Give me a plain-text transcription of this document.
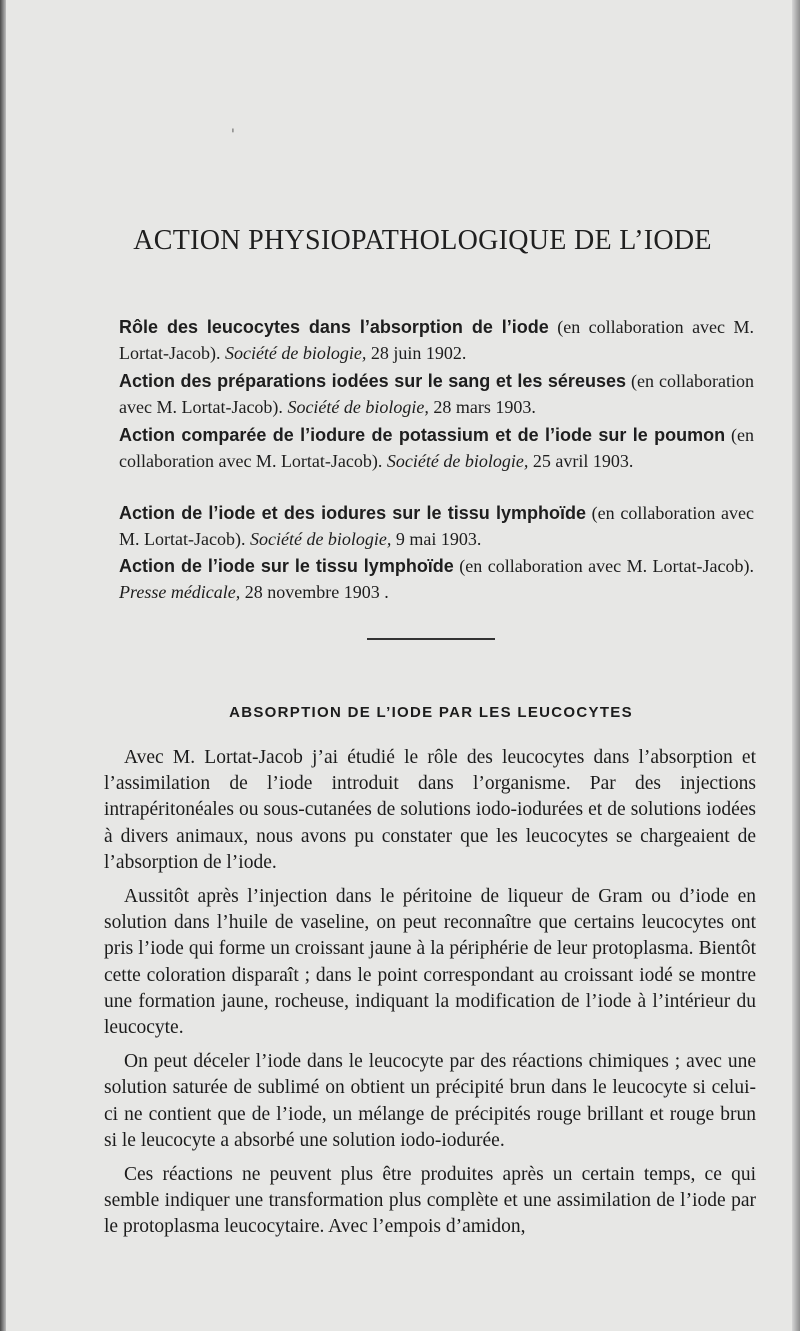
'
ACTION PHYSIOPATHOLOGIQUE DE L’IODE
Rôle des leucocytes dans l’absorption de l’iode (en collaboration avec M. Lortat-Jacob). Société de biologie, 28 juin 1902.
Action des préparations iodées sur le sang et les séreuses (en collaboration avec M. Lortat-Jacob). Société de biologie, 28 mars 1903.
Action comparée de l’iodure de potassium et de l’iode sur le poumon (en collaboration avec M. Lortat-Jacob). Société de biologie, 25 avril 1903.
Action de l’iode et des iodures sur le tissu lymphoïde (en collaboration avec M. Lortat-Jacob). Société de biologie, 9 mai 1903.
Action de l’iode sur le tissu lymphoïde (en collaboration avec M. Lortat-Jacob). Presse médicale, 28 novembre 1903 .
ABSORPTION DE L’IODE PAR LES LEUCOCYTES

Avec M. Lortat-Jacob j’ai étudié le rôle des leucocytes dans l’absorption et l’assimilation de l’iode introduit dans l’organisme. Par des injections intrapéritonéales ou sous-cutanées de solutions iodo-iodurées et de solutions iodées à divers animaux, nous avons pu constater que les leucocytes se chargeaient de l’absorption de l’iode.

Aussitôt après l’injection dans le péritoine de liqueur de Gram ou d’iode en solution dans l’huile de vaseline, on peut reconnaître que certains leucocytes ont pris l’iode qui forme un croissant jaune à la périphérie de leur protoplasma. Bientôt cette coloration disparaît ; dans le point correspondant au croissant iodé se montre une formation jaune, rocheuse, indiquant la modification de l’iode à l’intérieur du leucocyte.

On peut déceler l’iode dans le leucocyte par des réactions chimiques ; avec une solution saturée de sublimé on obtient un précipité brun dans le leucocyte si celui-ci ne contient que de l’iode, un mélange de précipités rouge brillant et rouge brun si le leucocyte a absorbé une solution iodo-iodurée.

Ces réactions ne peuvent plus être produites après un certain temps, ce qui semble indiquer une transformation plus complète et une assimilation de l’iode par le protoplasma leucocytaire. Avec l’empois d’amidon,
